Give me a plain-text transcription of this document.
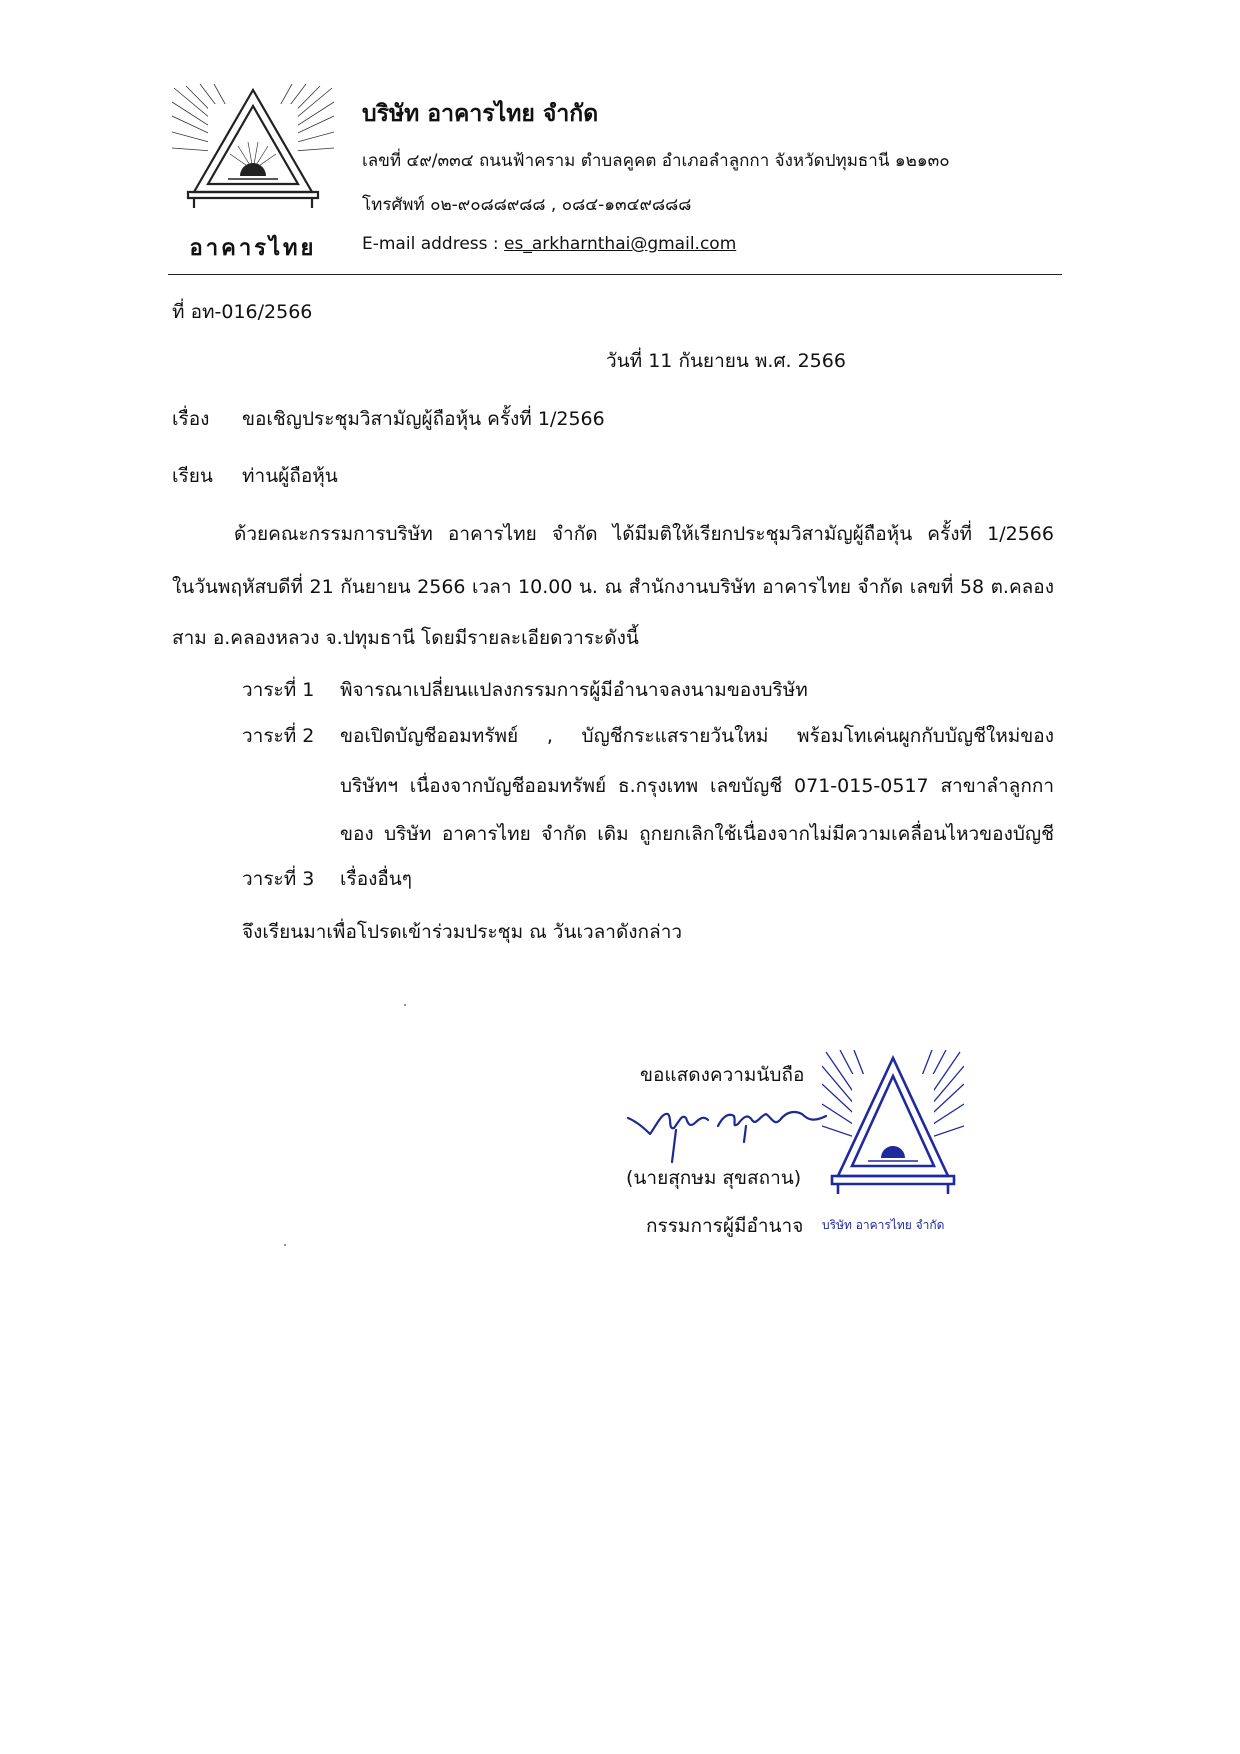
อาคารไทย
บริษัท อาคารไทย จำกัด
เลขที่ ๔๙/๓๓๔ ถนนฟ้าคราม ตำบลคูคต อำเภอลำลูกกา จังหวัดปทุมธานี ๑๒๑๓๐
โทรศัพท์ ๐๒-๙๐๘๘๙๘๘ , ๐๘๔-๑๓๔๙๘๘๘
E-mail address : es_arkharnthai@gmail.com
ที่ อท-016/2566
วันที่ 11 กันยายน พ.ศ. 2566
เรื่อง ขอเชิญประชุมวิสามัญผู้ถือหุ้น ครั้งที่ 1/2566
เรียน ท่านผู้ถือหุ้น
ด้วยคณะกรรมการบริษัท อาคารไทย จำกัด ได้มีมติให้เรียกประชุมวิสามัญผู้ถือหุ้น ครั้งที่ 1/2566
ในวันพฤหัสบดีที่ 21 กันยายน 2566 เวลา 10.00 น. ณ สำนักงานบริษัท อาคารไทย จำกัด เลขที่ 58 ต.คลอง
สาม อ.คลองหลวง จ.ปทุมธานี โดยมีรายละเอียดวาระดังนี้
วาระที่ 1 พิจารณาเปลี่ยนแปลงกรรมการผู้มีอำนาจลงนามของบริษัท
วาระที่ 2 ขอเปิดบัญชีออมทรัพย์ , บัญชีกระแสรายวันใหม่ พร้อมโทเค่นผูกกับบัญชีใหม่ของ
บริษัทฯ เนื่องจากบัญชีออมทรัพย์ ธ.กรุงเทพ เลขบัญชี 071-015-0517 สาขาลำลูกกา
ของ บริษัท อาคารไทย จำกัด เดิม ถูกยกเลิกใช้เนื่องจากไม่มีความเคลื่อนไหวของบัญชี
วาระที่ 3 เรื่องอื่นๆ
จึงเรียนมาเพื่อโปรดเข้าร่วมประชุม ณ วันเวลาดังกล่าว
ขอแสดงความนับถือ
บริษัท อาคารไทย จำกัด
(นายสุกษม สุขสถาน)
กรรมการผู้มีอำนาจ
